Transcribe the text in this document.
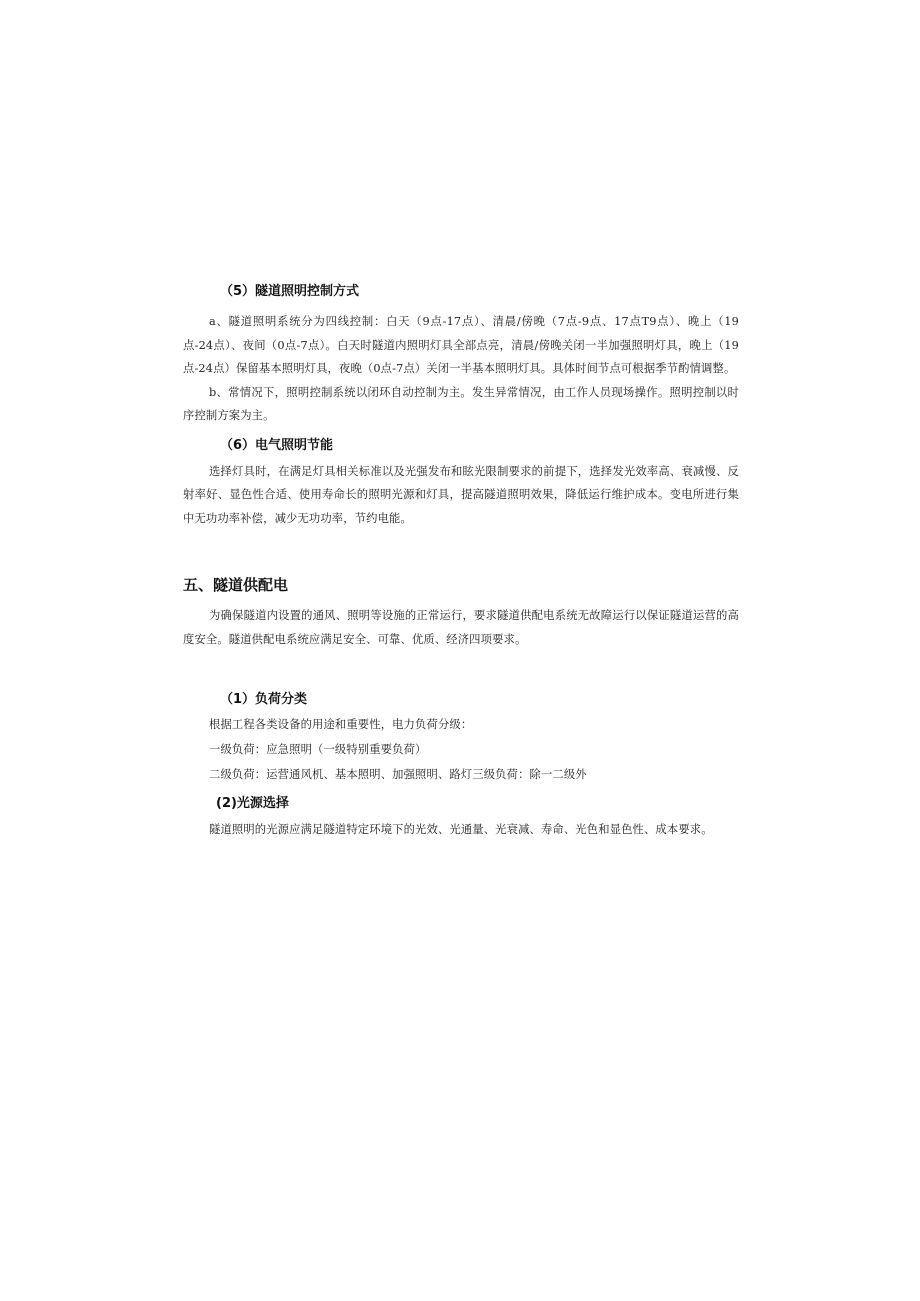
（5）隧道照明控制方式

a、隧道照明系统分为四线控制：白天（9点-17点）、清晨/傍晚（7点-9点、17点T9点）、晚上（19点-24点）、夜间（0点-7点）。白天时隧道内照明灯具全部点亮，清晨/傍晚关闭一半加强照明灯具，晚上（19点-24点）保留基本照明灯具，夜晚（0点-7点）关闭一半基本照明灯具。具体时间节点可根据季节酌情调整。

b、常情况下，照明控制系统以闭环自动控制为主。发生异常情况，由工作人员现场操作。照明控制以时序控制方案为主。

（6）电气照明节能

选择灯具时，在满足灯具相关标准以及光强发布和眩光限制要求的前提下，选择发光效率高、衰减慢、反射率好、显色性合适、使用寿命长的照明光源和灯具，提高隧道照明效果，降低运行维护成本。变电所进行集中无功功率补偿，减少无功功率，节约电能。

五、隧道供配电

为确保隧道内设置的通风、照明等设施的正常运行，要求隧道供配电系统无故障运行以保证隧道运营的高度安全。隧道供配电系统应满足安全、可靠、优质、经济四项要求。

（1）负荷分类

根据工程各类设备的用途和重要性，电力负荷分级：

一级负荷：应急照明（一级特别重要负荷）

二级负荷：运营通风机、基本照明、加强照明、路灯三级负荷：除一二级外

(2)光源选择

隧道照明的光源应满足隧道特定环境下的光效、光通量、光衰减、寿命、光色和显色性、成本要求。
